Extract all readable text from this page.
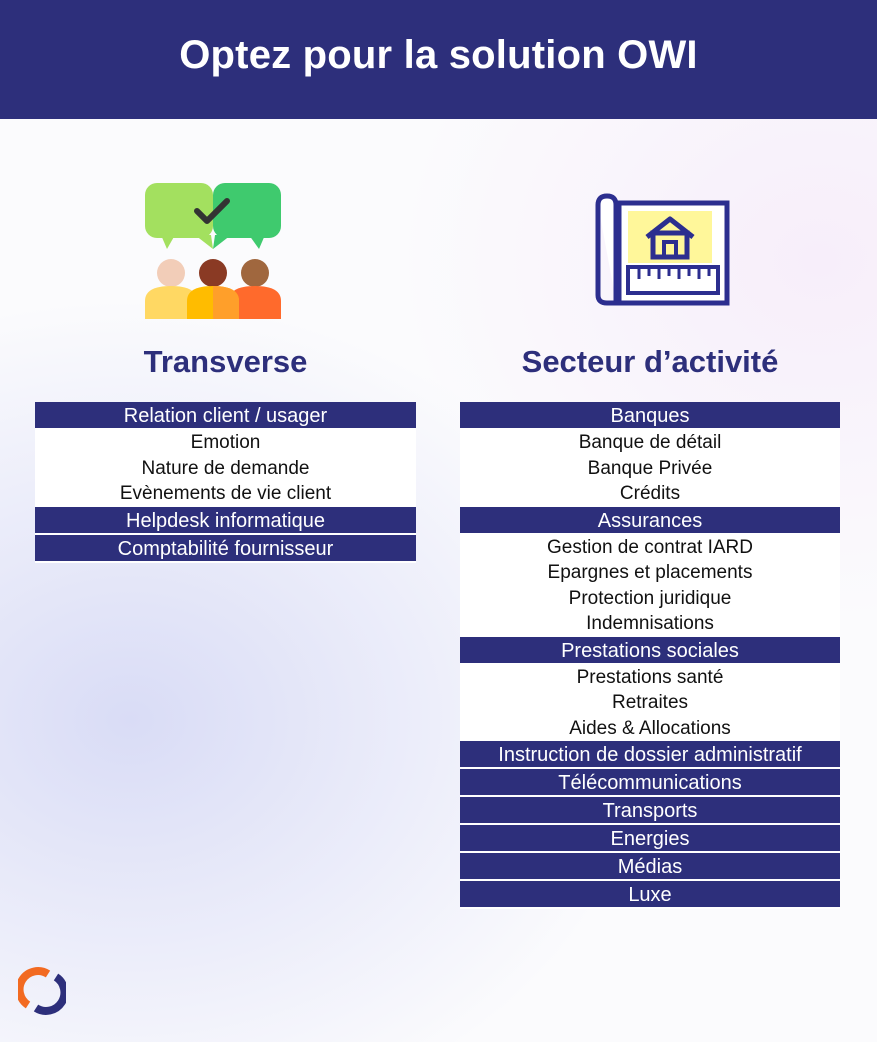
Optez pour la solution OWI
Transverse	Secteur d’activité
Relation client / usager
Emotion
Nature de demande
Evènements de vie client
Helpdesk informatique
Comptabilité fournisseur
Banques
Banque de détail
Banque Privée
Crédits
Assurances
Gestion de contrat IARD
Epargnes et placements
Protection juridique
Indemnisations
Prestations sociales
Prestations santé
Retraites
Aides & Allocations
Instruction de dossier administratif
Télécommunications
Transports
Energies
Médias
Luxe
